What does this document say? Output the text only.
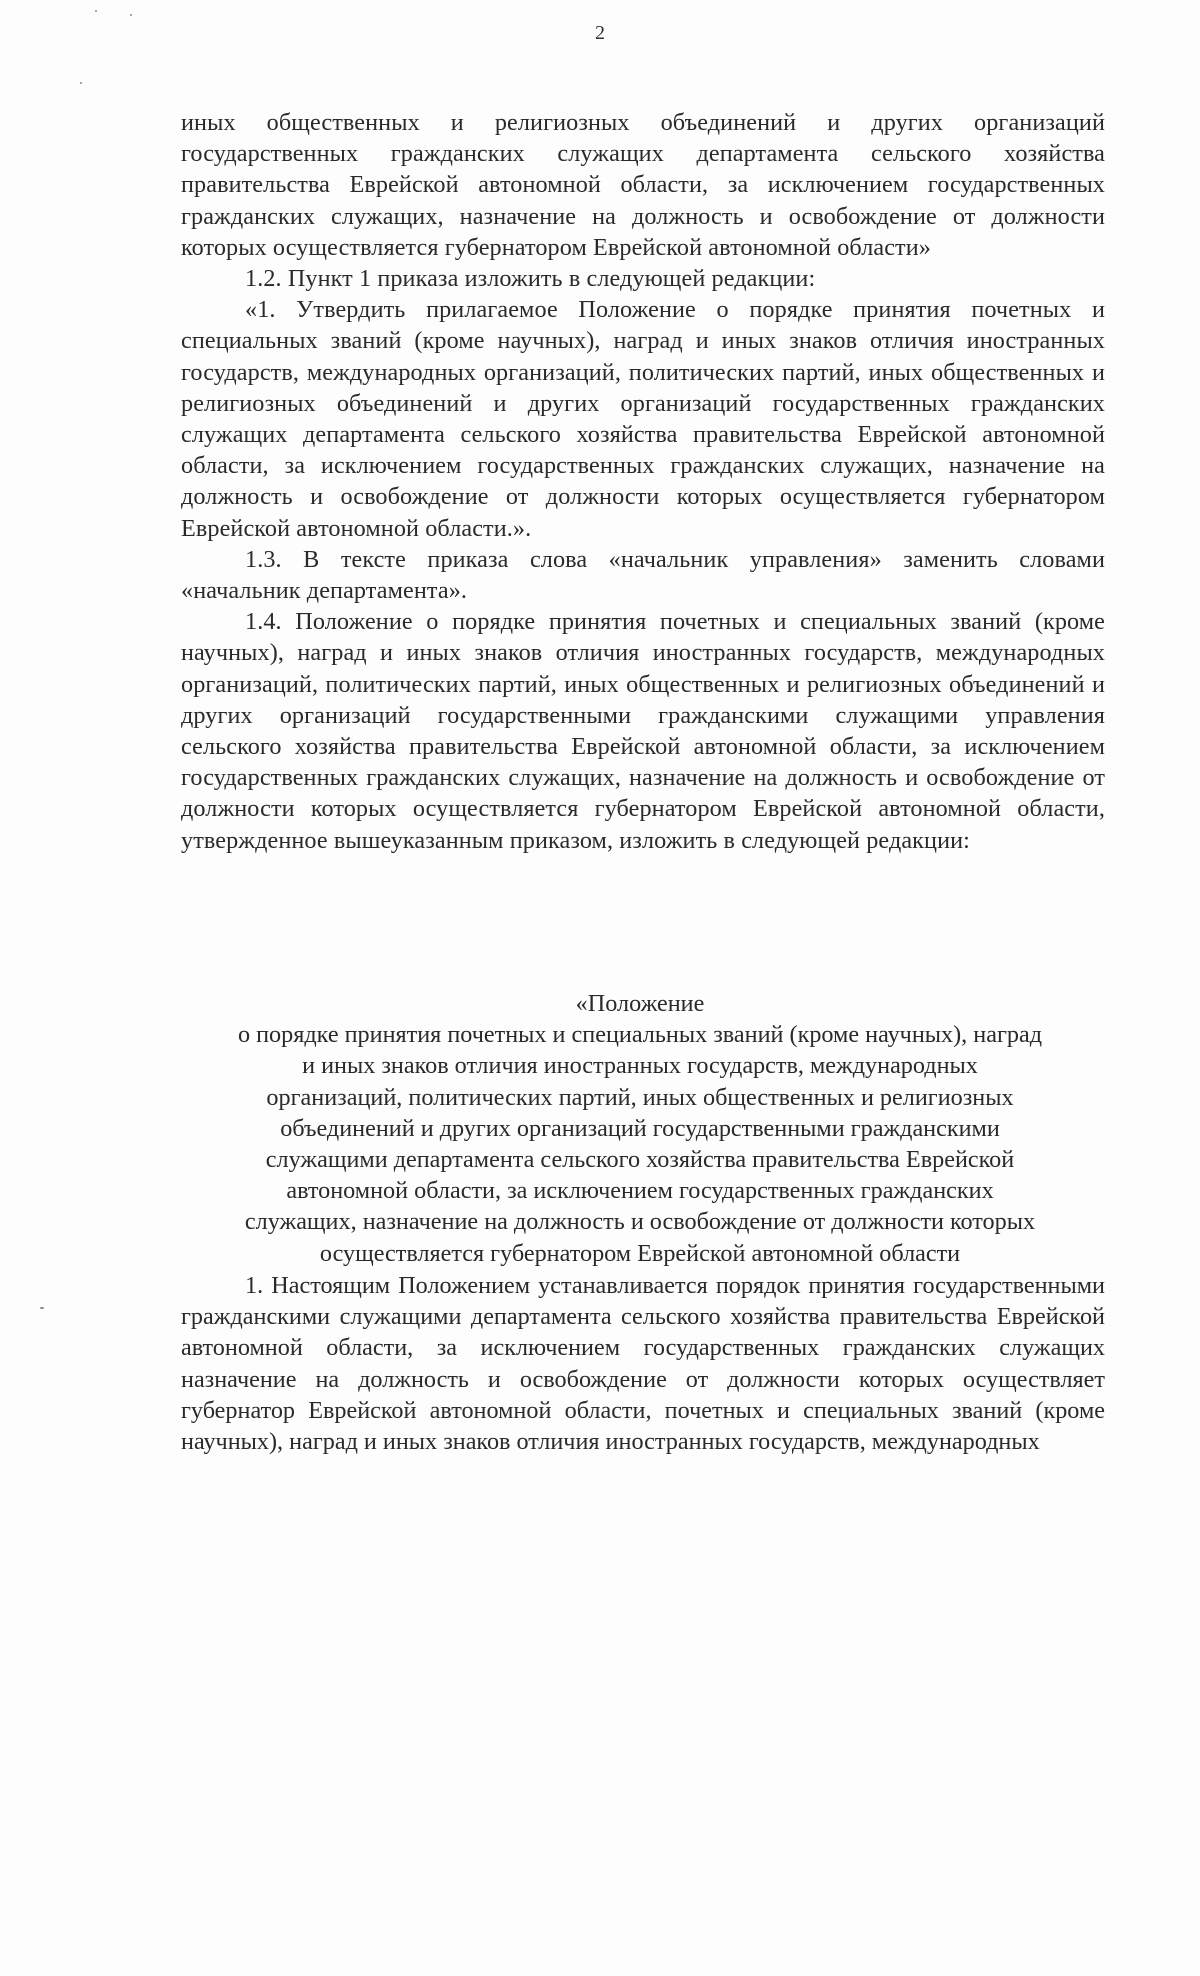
2

иных общественных и религиозных объединений и других организаций государственных гражданских служащих департамента сельского хозяйства правительства Еврейской автономной области, за исключением государственных гражданских служащих, назначение на должность и освобождение от должности которых осуществляется губернатором Еврейской автономной области»

1.2. Пункт 1 приказа изложить в следующей редакции:

«1. Утвердить прилагаемое Положение о порядке принятия почетных и специальных званий (кроме научных), наград и иных знаков отличия иностранных государств, международных организаций, политических партий, иных общественных и религиозных объединений и других организаций государственных гражданских служащих департамента сельского хозяйства правительства Еврейской автономной области, за исключением государственных гражданских служащих, назначение на должность и освобождение от должности которых осуществляется губернатором Еврейской автономной области.».

1.3. В тексте приказа слова «начальник управления» заменить словами «начальник департамента».

1.4. Положение о порядке принятия почетных и специальных званий (кроме научных), наград и иных знаков отличия иностранных государств, международных организаций, политических партий, иных общественных и религиозных объединений и других организаций государственными гражданскими служащими управления сельского хозяйства правительства Еврейской автономной области, за исключением государственных гражданских служащих, назначение на должность и освобождение от должности которых осуществляется губернатором Еврейской автономной области, утвержденное вышеуказанным приказом, изложить в следующей редакции:

«Положение

о порядке принятия почетных и специальных званий (кроме научных), наград

и иных знаков отличия иностранных государств, международных

организаций, политических партий, иных общественных и религиозных

объединений и других организаций государственными гражданскими

служащими департамента сельского хозяйства правительства Еврейской

автономной области, за исключением государственных гражданских

служащих, назначение на должность и освобождение от должности которых

осуществляется губернатором Еврейской автономной области

1. Настоящим Положением устанавливается порядок принятия государственными гражданскими служащими департамента сельского хозяйства правительства Еврейской автономной области, за исключением государственных гражданских служащих назначение на должность и освобождение от должности которых осуществляет губернатор Еврейской автономной области, почетных и специальных званий (кроме научных), наград и иных знаков отличия иностранных государств, международных
